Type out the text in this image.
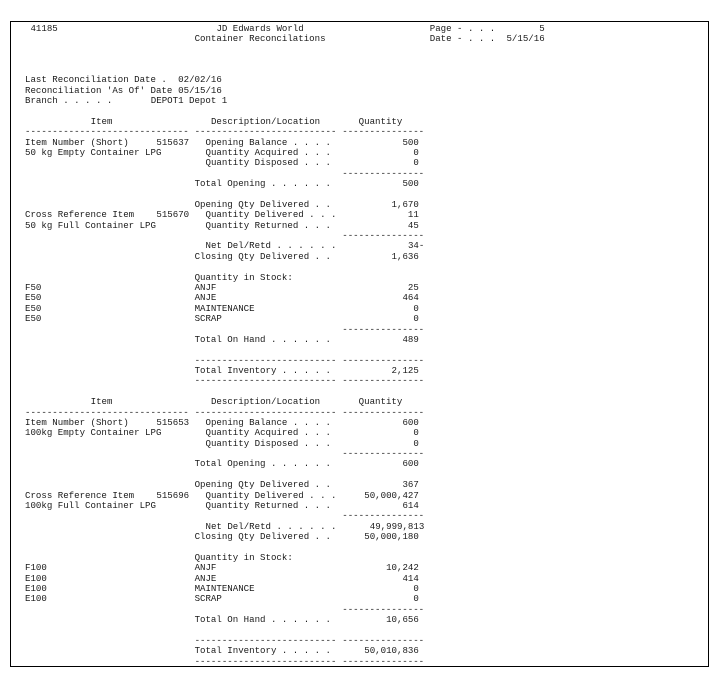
41185	JD Edwards World	Page - . . .	5
Container Reconcilations	Date - . . . 5/15/16
Last Reconciliation Date . 02/02/16
Reconciliation 'As Of' Date 05/15/16
Branch . . . . .	DEPOT1 Depot 1
Item	Description/Location	Quantity
------------------------------ -------------------------- ---------------
Item Number (Short)	515637 Opening Balance . . . .	500
50 kg Empty Container LPG	Quantity Acquired . . .	0
Quantity Disposed . . .	0
---------------
Total Opening . . . . . .	500
Opening Qty Delivered . .	1,670
Cross Reference Item 515670 Quantity Delivered . . .	11
50 kg Full Container LPG	Quantity Returned . . .	45
---------------
Net Del/Retd . . . . . .	34-
Closing Qty Delivered . .	1,636
Quantity in Stock:
F50	ANJF	25
E50	ANJE	464
E50	MAINTENANCE	0
E50	SCRAP	0
---------------
Total On Hand . . . . . .	489
-------------------------- ---------------
Total Inventory . . . . .	2,125
-------------------------- ---------------
Item	Description/Location	Quantity
------------------------------ -------------------------- ---------------
Item Number (Short)	515653 Opening Balance . . . .	600
100kg Empty Container LPG	Quantity Acquired . . .	0
Quantity Disposed . . .	0
---------------
Total Opening . . . . . .	600
Opening Qty Delivered . .	367
Cross Reference Item 515696 Quantity Delivered . . .	50,000,427
100kg Full Container LPG	Quantity Returned . . .	614
---------------
Net Del/Retd . . . . . .	49,999,813
Closing Qty Delivered . .	50,000,180
Quantity in Stock:
F100	ANJF	10,242
E100	ANJE	414
E100	MAINTENANCE	0
E100	SCRAP	0
---------------
Total On Hand . . . . . .	10,656
-------------------------- ---------------
Total Inventory . . . . .	50,010,836
-------------------------- ---------------
